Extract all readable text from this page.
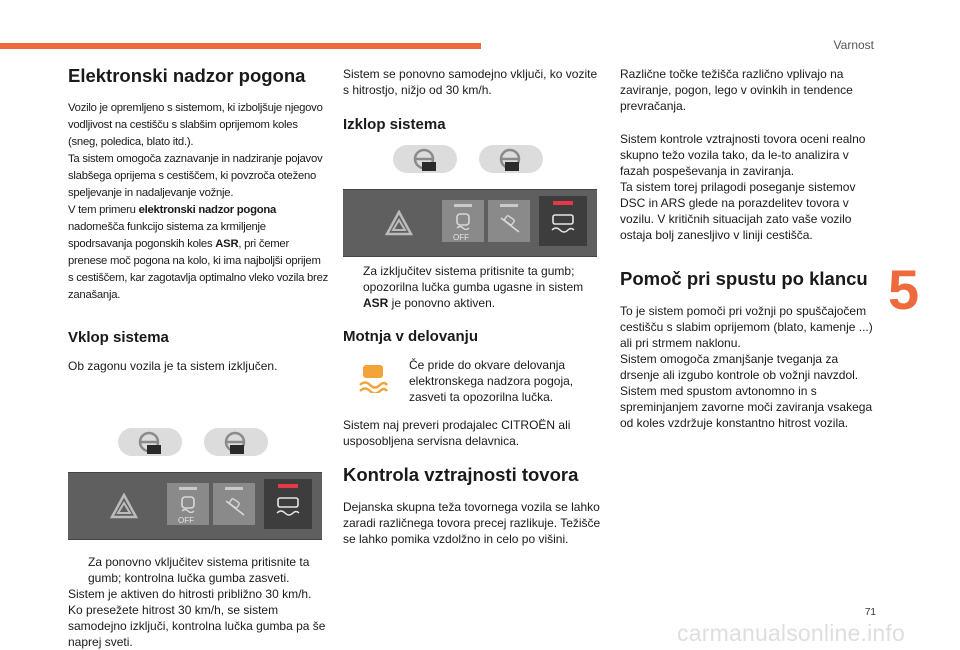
Varnost
5
71
carmanualsonline.info
Elektronski nadzor pogona

Vozilo je opremljeno s sistemom, ki izboljšuje njegovo vodljivost na cestišču s slabšim oprijemom koles (sneg, poledica, blato itd.).

Ta sistem omogoča zaznavanje in nadziranje pojavov slabšega oprijema s cestiščem, ki povzroča oteženo speljevanje in nadaljevanje vožnje.

V tem primeru elektronski nadzor pogona nadomešča funkcijo sistema za krmiljenje spodrsavanja pogonskih koles ASR, pri čemer prenese moč pogona na kolo, ki ima najboljši oprijem s cestiščem, kar zagotavlja optimalno vleko vozila brez zanašanja.

Vklop sistema

Ob zagonu vozila je ta sistem izključen.

OFF
Za ponovno vključitev sistema pritisnite ta gumb; kontrolna lučka gumba zasveti.

Sistem je aktiven do hitrosti približno 30 km/h.

Ko presežete hitrost 30 km/h, se sistem samodejno izključi, kontrolna lučka gumba pa še naprej sveti.

Sistem se ponovno samodejno vključi, ko vozite s hitrostjo, nižjo od 30 km/h.

Izklop sistema
OFF
Za izključitev sistema pritisnite ta gumb; opozorilna lučka gumba ugasne in sistem ASR je ponovno aktiven.
Motnja v delovanju

Če pride do okvare delovanja elektronskega nadzora pogoja, zasveti ta opozorilna lučka.

Sistem naj preveri prodajalec CITROËN ali usposobljena servisna delavnica.

Kontrola vztrajnosti tovora

Dejanska skupna teža tovornega vozila se lahko zaradi različnega tovora precej razlikuje. Težišče se lahko pomika vzdolžno in celo po višini.

Različne točke težišča različno vplivajo na zaviranje, pogon, lego v ovinkih in tendence prevračanja.

Sistem kontrole vztrajnosti tovora oceni realno skupno težo vozila tako, da le-to analizira v fazah pospeševanja in zaviranja.

Ta sistem torej prilagodi poseganje sistemov DSC in ARS glede na porazdelitev tovora v vozilu. V kritičnih situacijah zato vaše vozilo ostaja bolj zanesljivo v liniji cestišča.

Pomoč pri spustu po klancu

To je sistem pomoči pri vožnji po spuščajočem cestišču s slabim oprijemom (blato, kamenje ...) ali pri strmem naklonu.

Sistem omogoča zmanjšanje tveganja za drsenje ali izgubo kontrole ob vožnji navzdol.

Sistem med spustom avtonomno in s spreminjanjem zavorne moči zaviranja vsakega od koles vzdržuje konstantno hitrost vozila.
